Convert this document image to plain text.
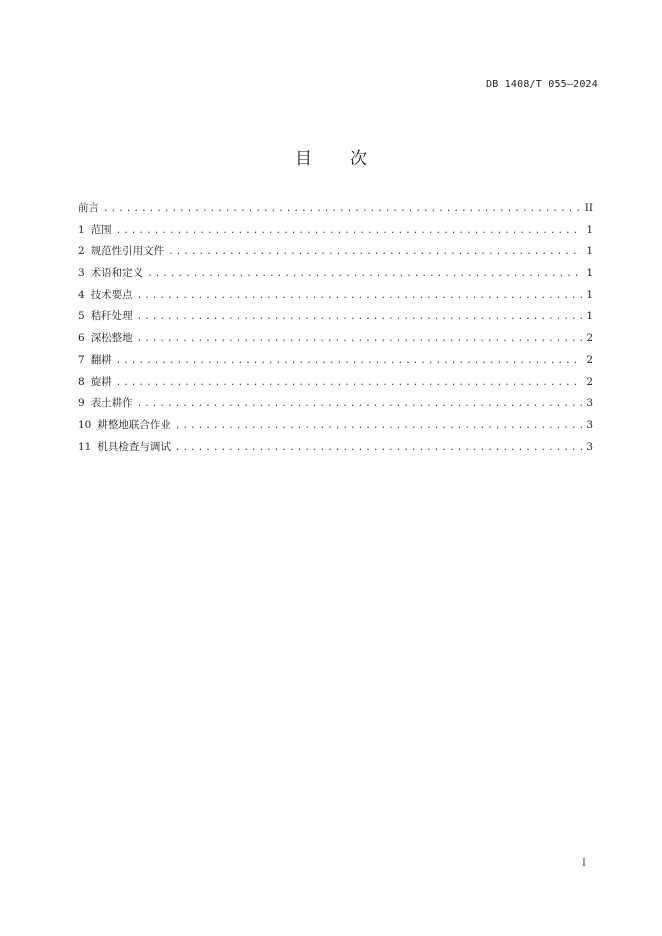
DB 1408/T 055—2024
目 次
前言 .....	II
1 范围 .....	1
2 规范性引用文件 .....	1
3 术语和定义 .....	1
4 技术要点 .....	1
5 秸秆处理 .....	1
6 深松整地 .....	2
7 翻耕 .....	2
8 旋耕 .....	2
9 表土耕作 .....	3
10 耕整地联合作业 .....	3
11 机具检查与调试 .....	3
I
